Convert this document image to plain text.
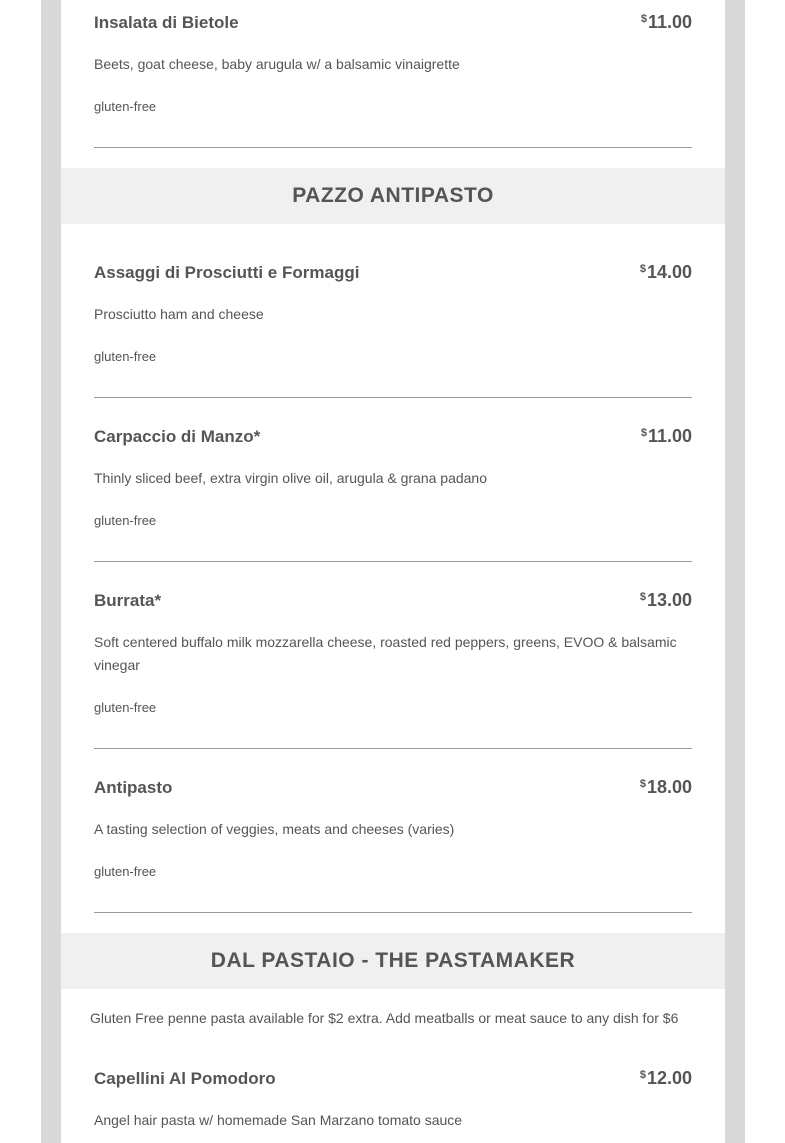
Insalata di Bietole	$11.00
Beets, goat cheese, baby arugula w/ a balsamic vinaigrette
gluten-free
PAZZO ANTIPASTO
Assaggi di Prosciutti e Formaggi	$14.00
Prosciutto ham and cheese
gluten-free
Carpaccio di Manzo*	$11.00
Thinly sliced beef, extra virgin olive oil, arugula & grana padano
gluten-free
Burrata*	$13.00
Soft centered buffalo milk mozzarella cheese, roasted red peppers, greens, EVOO & balsamic vinegar
gluten-free
Antipasto	$18.00
A tasting selection of veggies, meats and cheeses (varies)
gluten-free
DAL PASTAIO - THE PASTAMAKER
Gluten Free penne pasta available for $2 extra. Add meatballs or meat sauce to any dish for $6
Capellini Al Pomodoro	$12.00
Angel hair pasta w/ homemade San Marzano tomato sauce
